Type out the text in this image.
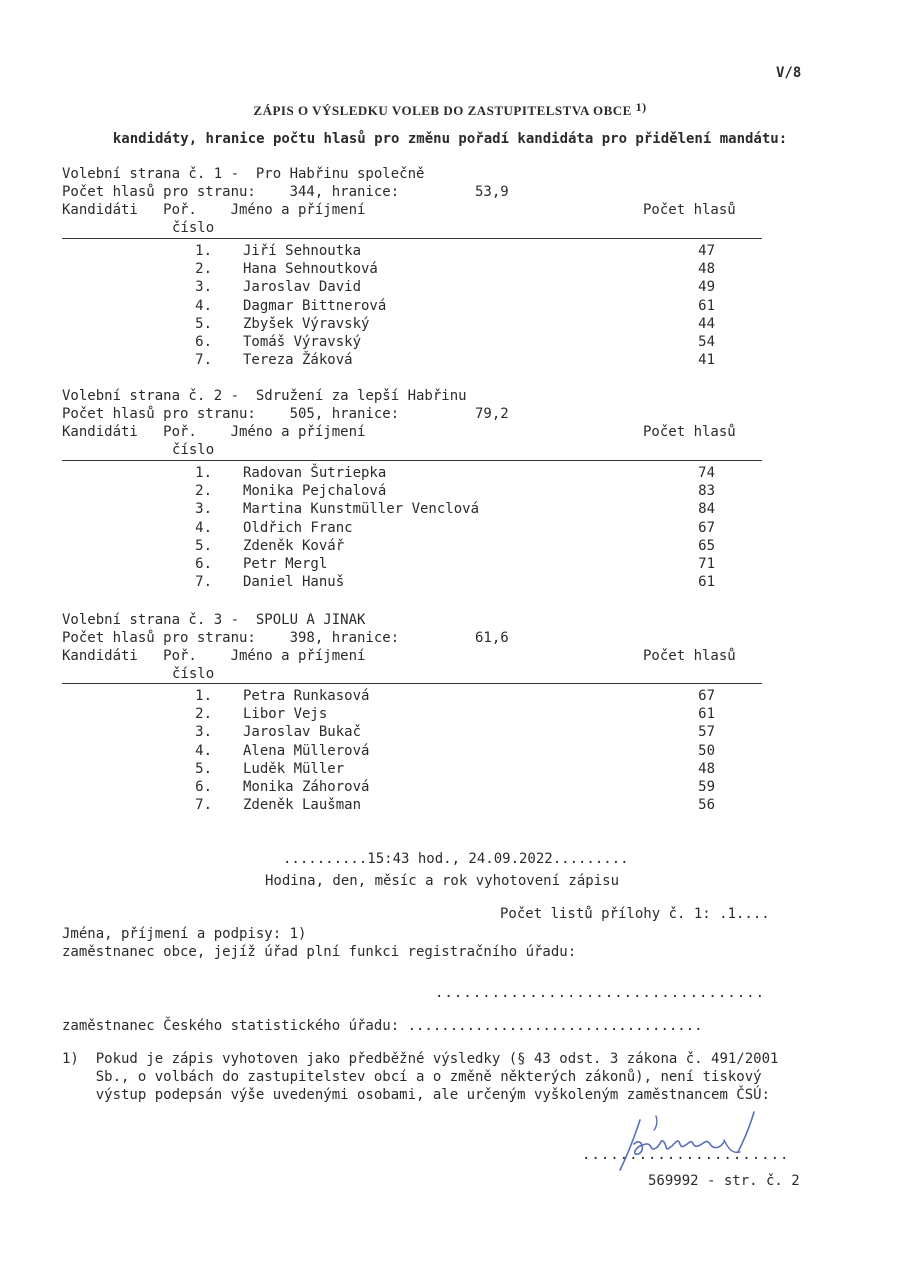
V/8
ZÁPIS O VÝSLEDKU VOLEB DO ZASTUPITELSTVA OBCE $^{1)}$
kandidáty, hranice počtu hlasů pro změnu pořadí kandidáta pro přidělení mandátu:
Volební strana č. 1 -  Pro Habřinu společně
Počet hlasů pro stranu:    344, hranice:         53,9
Kandidáti   Poř.    Jméno a příjmení	Počet hlasů
číslo
1. Jiří Sehnoutka	47
2. Hana Sehnoutková	48
3. Jaroslav David	49
4. Dagmar Bittnerová	61
5. Zbyšek Výravský	44
6. Tomáš Výravský	54
7. Tereza Žáková	41
Volební strana č. 2 -  Sdružení za lepší Habřinu
Počet hlasů pro stranu:    505, hranice:         79,2
Kandidáti   Poř.    Jméno a příjmení	Počet hlasů
číslo
1. Radovan Šutriepka	74
2. Monika Pejchalová	83
3. Martina Kunstmüller Venclová	84
4. Oldřich Franc	67
5. Zdeněk Kovář	65
6. Petr Mergl	71
7. Daniel Hanuš	61
Volební strana č. 3 -  SPOLU A JINAK
Počet hlasů pro stranu:    398, hranice:         61,6
Kandidáti   Poř.    Jméno a příjmení	Počet hlasů
číslo
1. Petra Runkasová	67
2. Libor Vejs	61
3. Jaroslav Bukač	57
4. Alena Müllerová	50
5. Luděk Müller	48
6. Monika Záhorová	59
7. Zdeněk Laušman	56
..........15:43 hod., 24.09.2022.........
Hodina, den, měsíc a rok vyhotovení zápisu
Počet listů přílohy č. 1: .1....
Jména, příjmení a podpisy: 1)
zaměstnanec obce, jejíž úřad plní funkci registračního úřadu:
...................................
zaměstnanec Českého statistického úřadu: ...................................
1)  Pokud je zápis vyhotoven jako předběžné výsledky (§ 43 odst. 3 zákona č. 491/2001
Sb., o volbách do zastupitelstev obcí a o změně některých zákonů), není tiskový
výstup podepsán výše uvedenými osobami, ale určeným vyškoleným zaměstnancem ČSÚ:
......................
569992 - str. č. 2
